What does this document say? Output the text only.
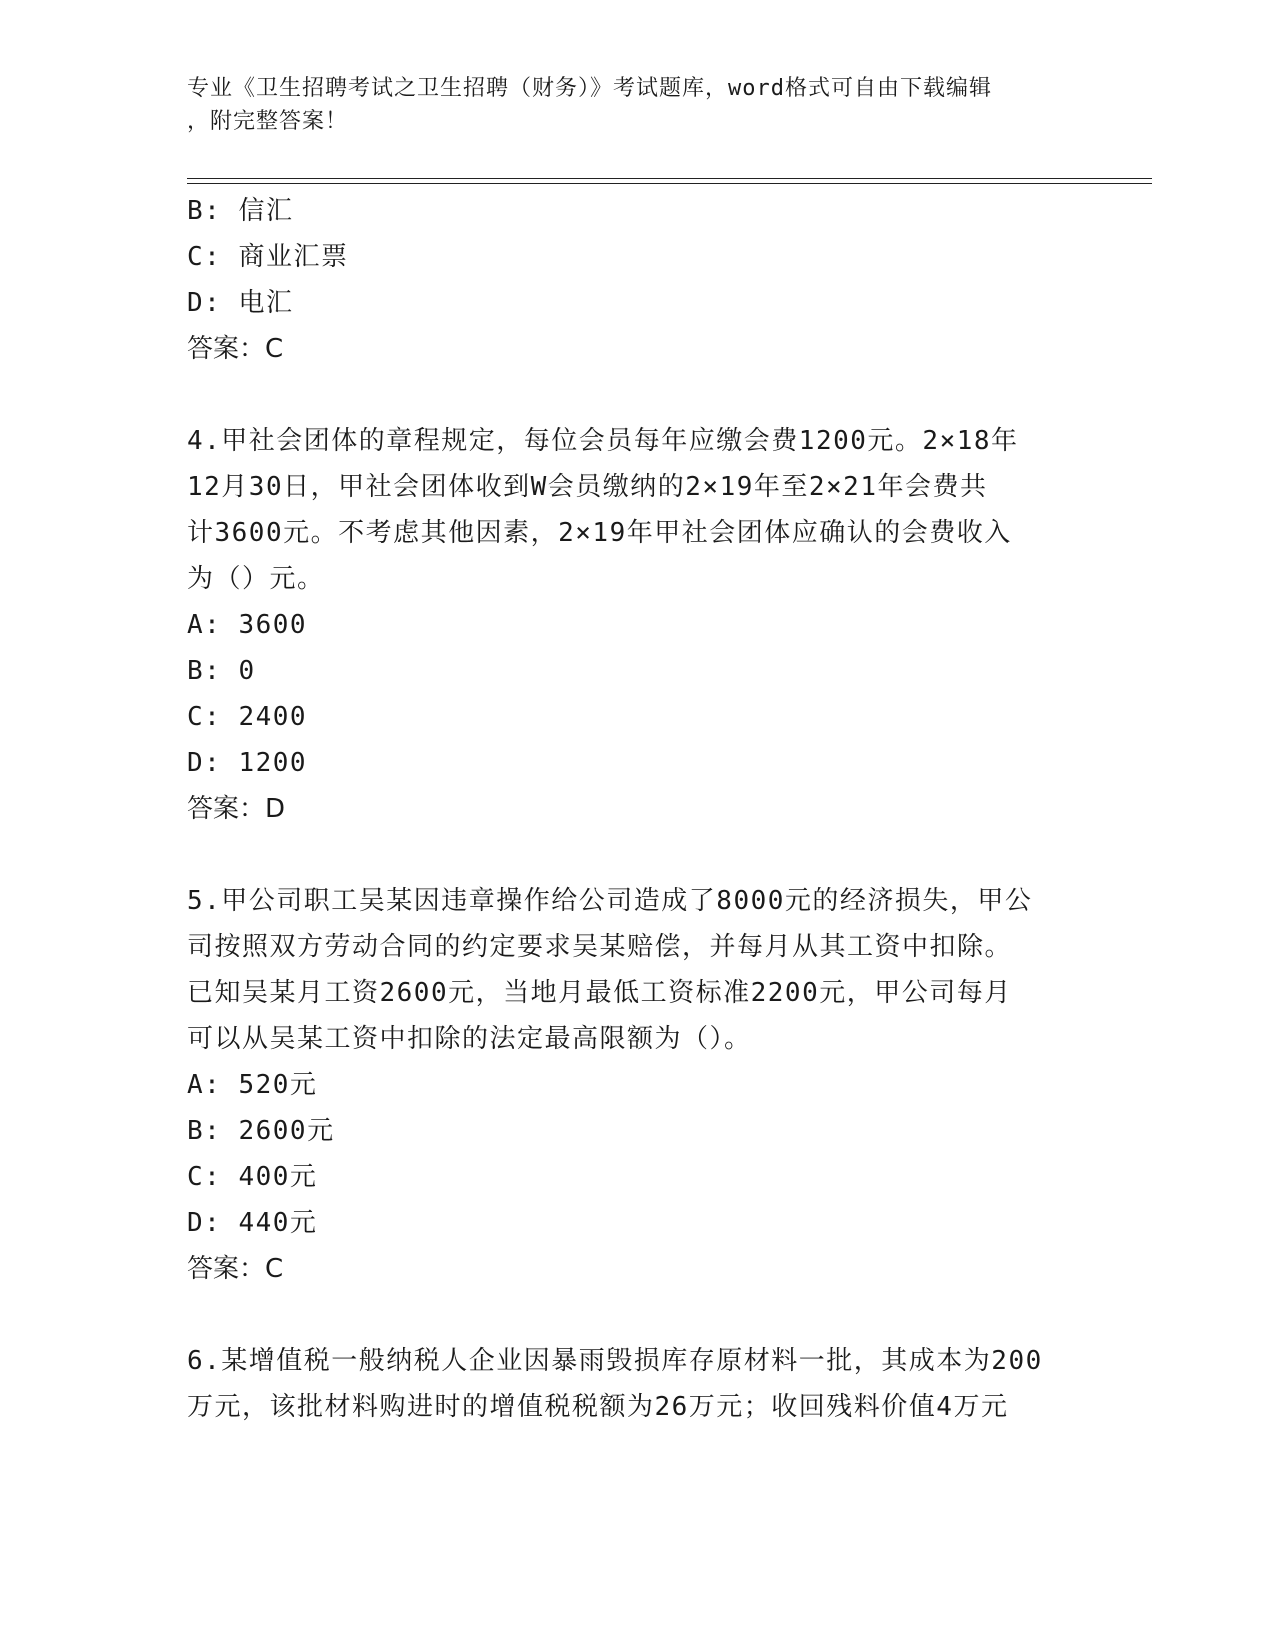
专业《卫生招聘考试之卫生招聘（财务）》考试题库，word格式可自由下载编辑
，附完整答案！
B: 信汇
C: 商业汇票
D: 电汇
答案：C
4.甲社会团体的章程规定，每位会员每年应缴会费1200元。2×18年
12月30日，甲社会团体收到W会员缴纳的2×19年至2×21年会费共
计3600元。不考虑其他因素，2×19年甲社会团体应确认的会费收入
为（）元。
A: 3600
B: 0
C: 2400
D: 1200
答案：D
5.甲公司职工吴某因违章操作给公司造成了8000元的经济损失，甲公
司按照双方劳动合同的约定要求吴某赔偿，并每月从其工资中扣除。
已知吴某月工资2600元，当地月最低工资标准2200元，甲公司每月
可以从吴某工资中扣除的法定最高限额为（）。
A: 520元
B: 2600元
C: 400元
D: 440元
答案：C
6.某增值税一般纳税人企业因暴雨毁损库存原材料一批，其成本为200
万元，该批材料购进时的增值税税额为26万元；收回残料价值4万元
